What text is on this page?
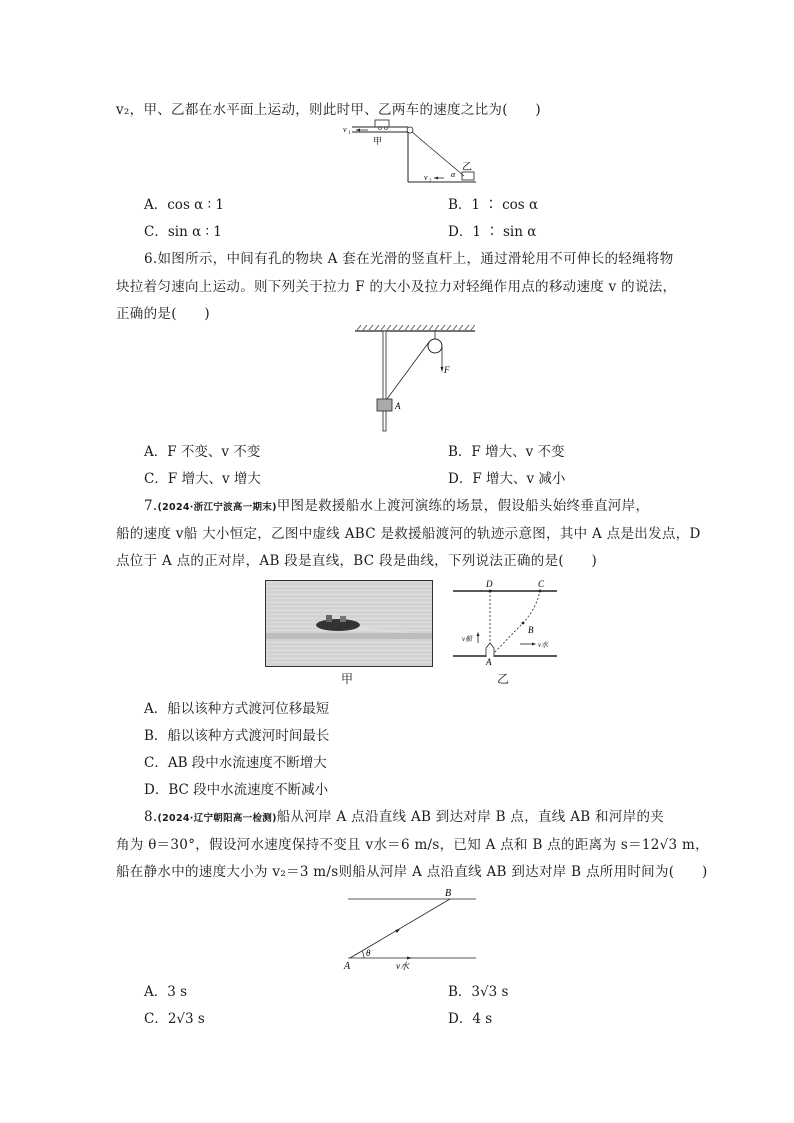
v₂，甲、乙都在水平面上运动，则此时甲、乙两车的速度之比为(　　)
v 1
甲
乙
α
v 2
A．cos α ∶ 1	B．1 ∶ cos α
C．sin α ∶ 1	D．1 ∶ sin α
6.如图所示，中间有孔的物块 A 套在光滑的竖直杆上，通过滑轮用不可伸长的轻绳将物
块拉着匀速向上运动。则下列关于拉力 F 的大小及拉力对轻绳作用点的移动速度 v 的说法，
正确的是(　　)
F
A
A．F 不变、v 不变	B．F 增大、v 不变
C．F 增大、v 增大	D．F 增大、v 减小
7.(2024·浙江宁波高一期末)甲图是救援船水上渡河演练的场景，假设船头始终垂直河岸，
船的速度 v船 大小恒定，乙图中虚线 ABC 是救援船渡河的轨迹示意图，其中 A 点是出发点，D
点位于 A 点的正对岸，AB 段是直线，BC 段是曲线，下列说法正确的是(　　)
甲
D	C
B
A
v船
v水
乙
A．船以该种方式渡河位移最短
B．船以该种方式渡河时间最长
C．AB 段中水流速度不断增大
D．BC 段中水流速度不断减小
8.(2024·辽宁朝阳高一检测)船从河岸 A 点沿直线 AB 到达对岸 B 点，直线 AB 和河岸的夹
角为 θ＝30°，假设河水速度保持不变且 v水＝6 m/s，已知 A 点和 B 点的距离为 s＝12√3 m，
船在静水中的速度大小为 v₂＝3 m/s则船从河岸 A 点沿直线 AB 到达对岸 B 点所用时间为(　　)
B
θ
A	v水
A．3 s	B．3√3 s
C．2√3 s	D．4 s
